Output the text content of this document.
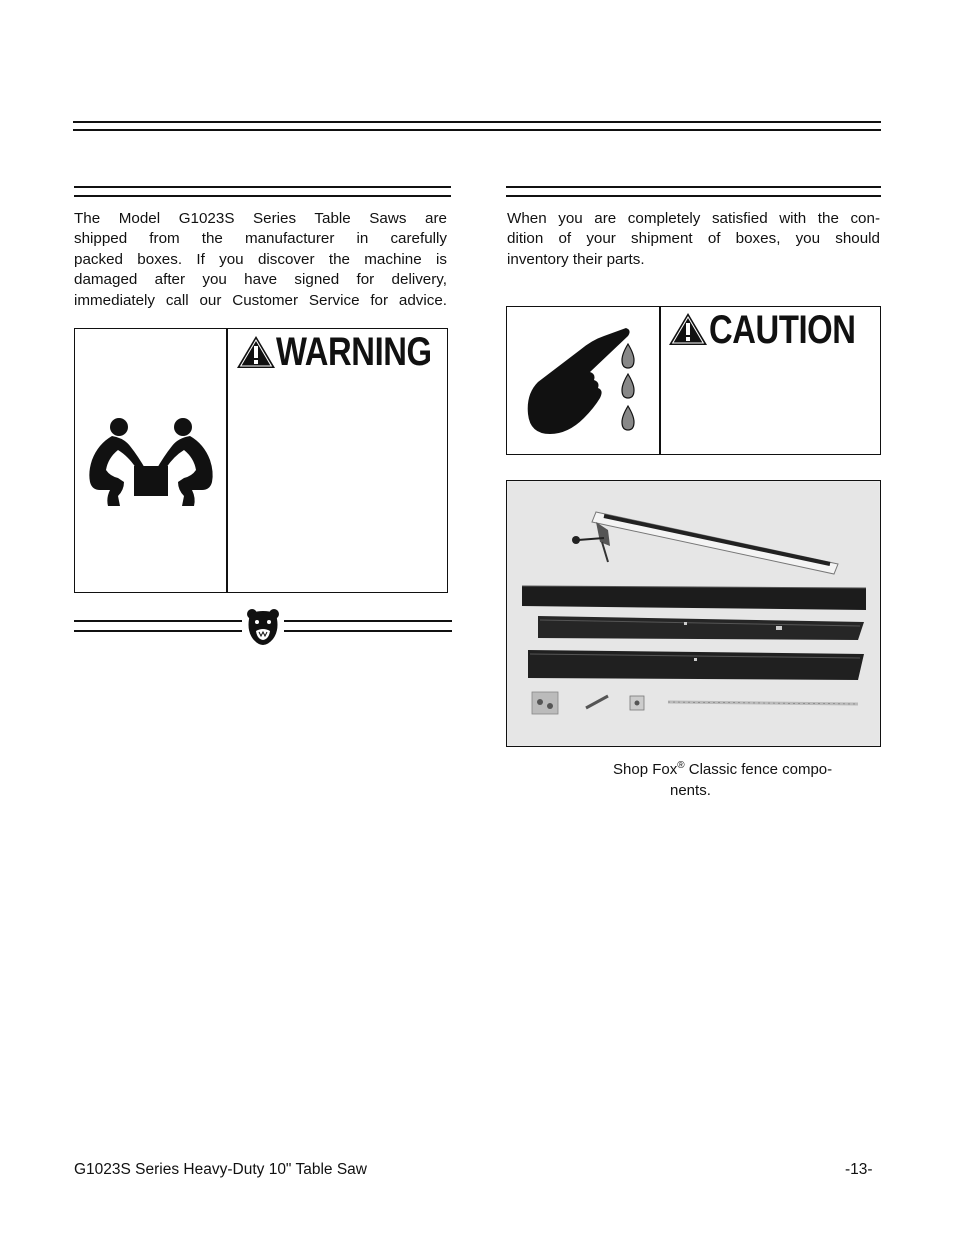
The Model G1023S Series Table Saws are
shipped from the manufacturer in carefully
packed boxes. If you discover the machine is
damaged after you have signed for delivery,
immediately call our Customer Service for advice.
WARNING
When you are completely satisfied with the con-
dition of your shipment of boxes, you should
inventory their parts.
CAUTION
Shop Fox® Classic fence compo-
nents.
G1023S Series Heavy-Duty 10" Table Saw	-13-
